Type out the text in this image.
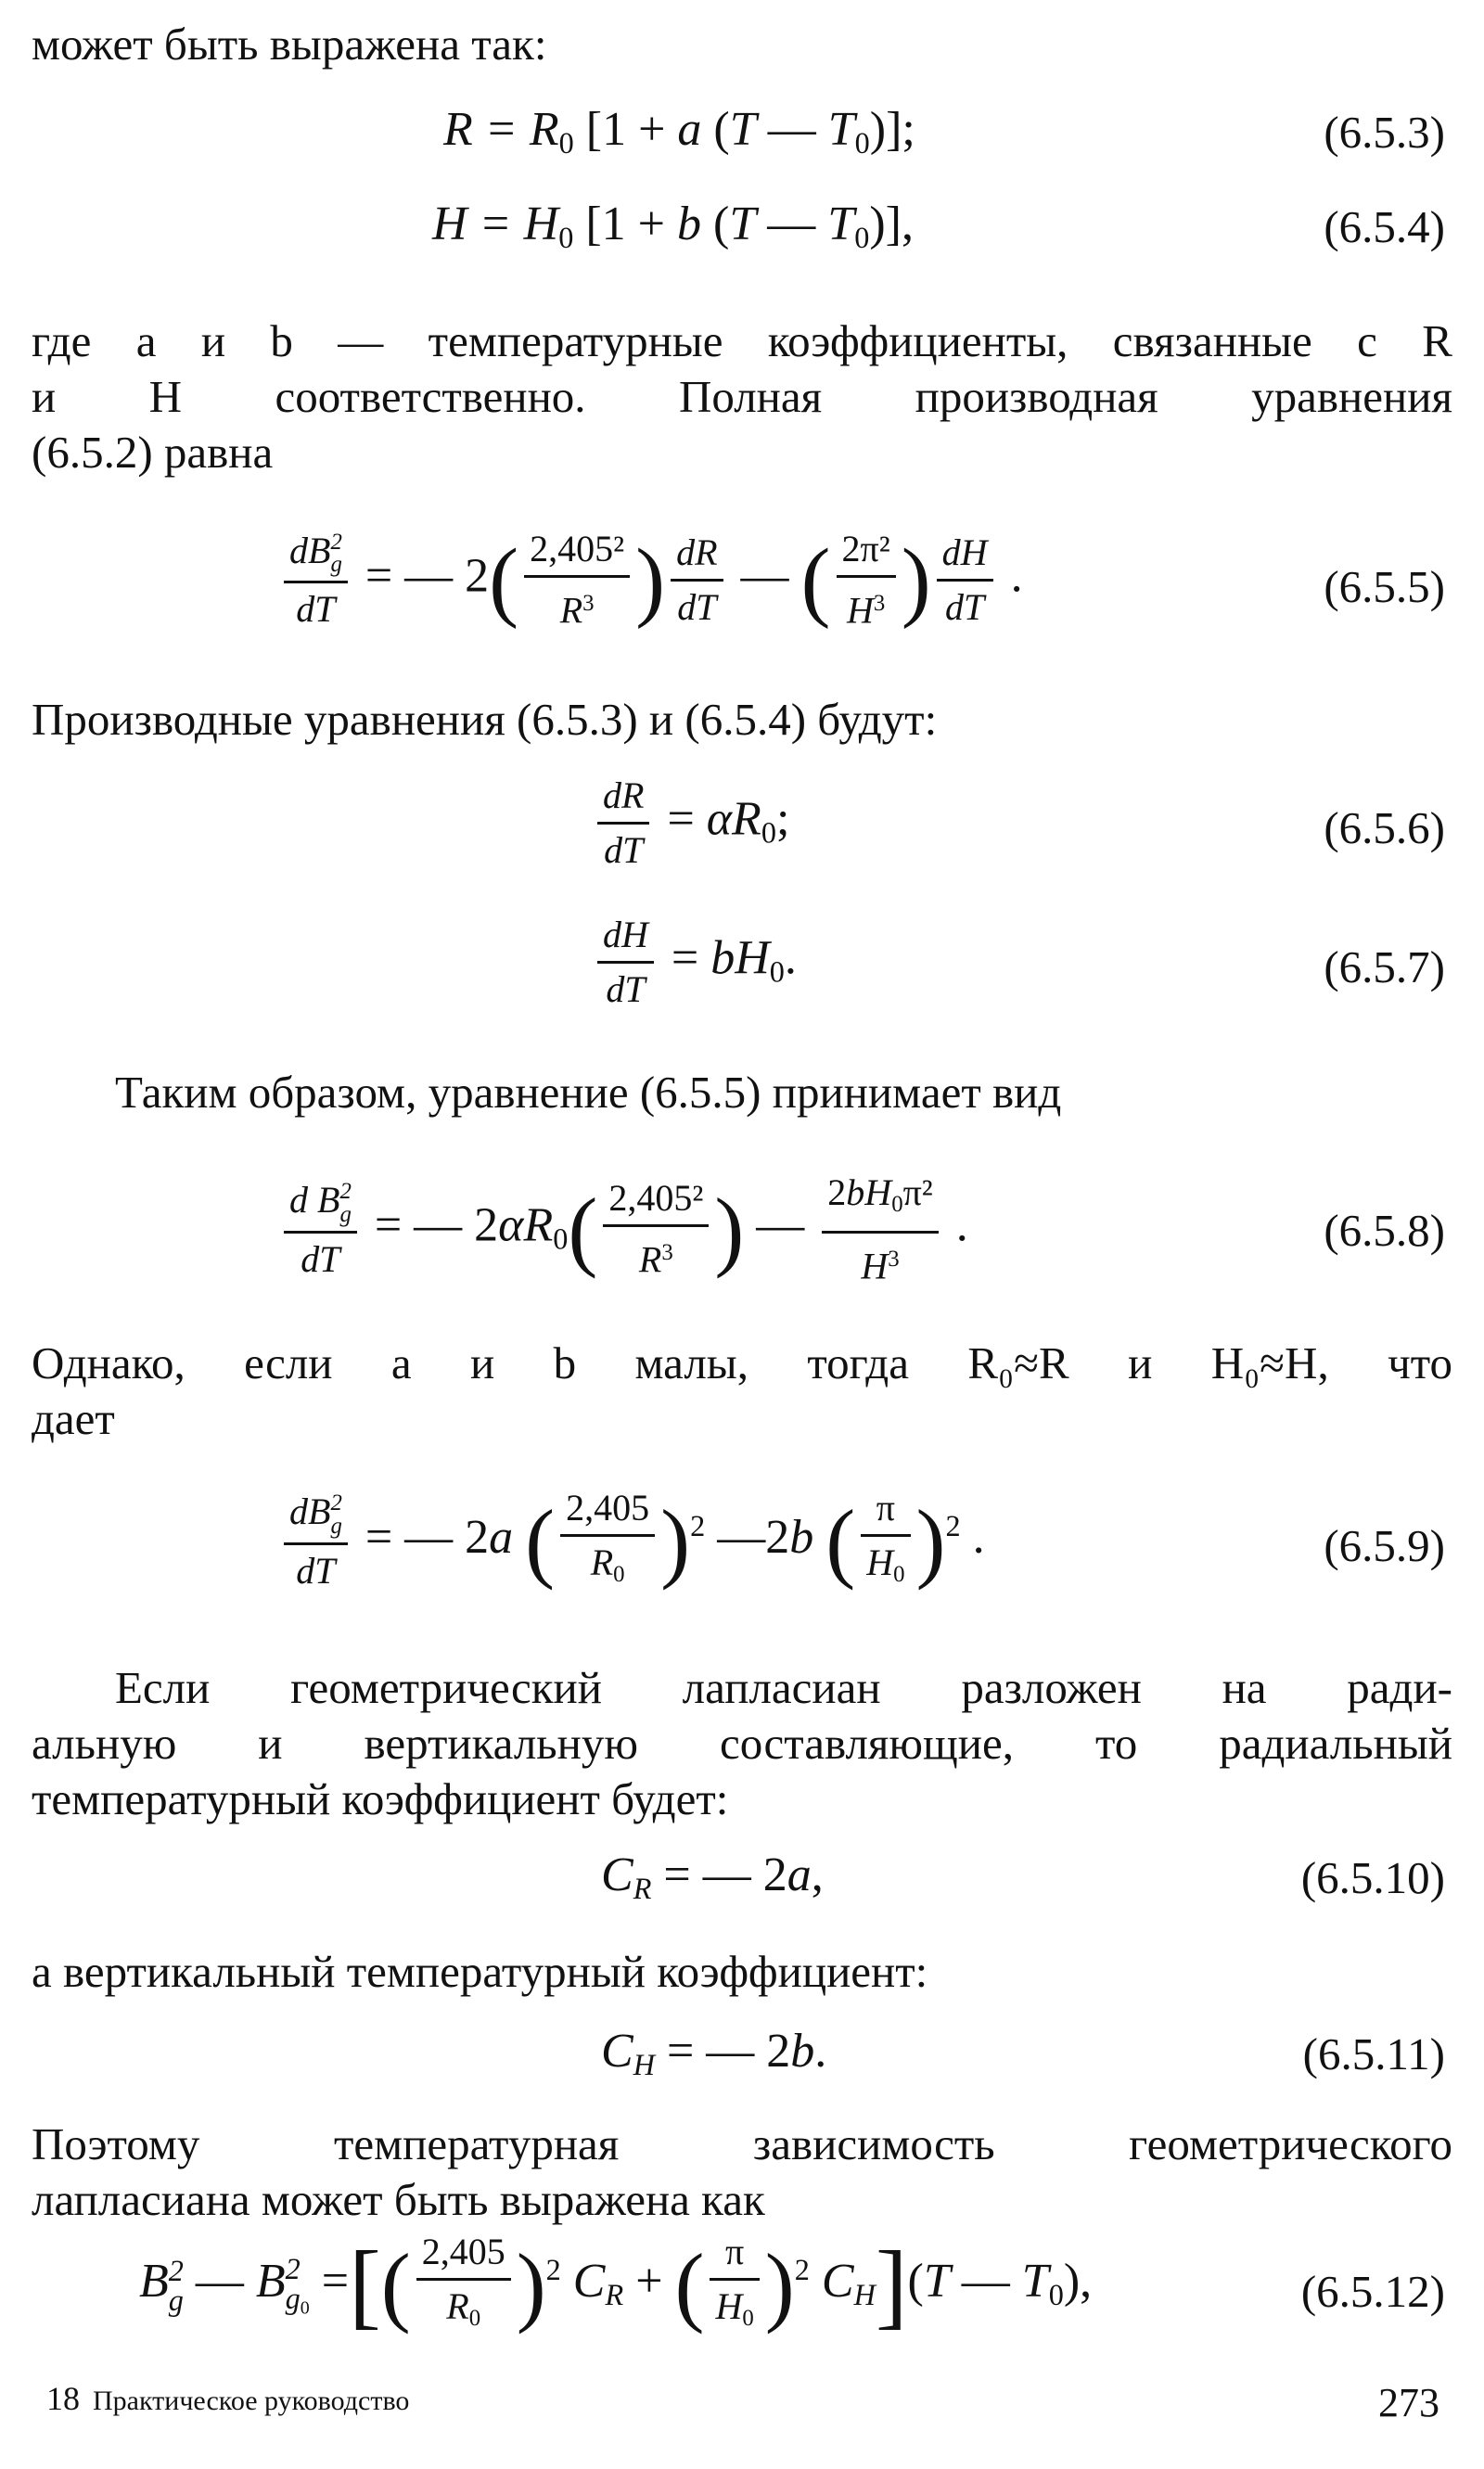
может быть выражена так:
$R = R_0$ [1 + a (T — $T_0$)];	(6.5.3)
$H = H_0$ [1 + b (T — $T_0$)],	(6.5.4)
где a и b — температурные коэффициенты, связанные с R
и H соответственно. Полная производная уравнения
(6.5.2) равна
dB 2
g
dT = — $2( \frac{\text{2,405²}}{R^3}$ ) $\frac{dR}{dT}$ — ( $\frac{\text{2π²}}{H^3}$ ) $\frac{dH}{dT}$ .	(6.5.5)
Производные уравнения (6.5.3) и (6.5.4) будут:
$\frac{dR}{dT} = \alpha R_0$;	(6.5.6)
$\frac{dH}{dT} = bH_0$.	(6.5.7)
Таким образом, уравнение (6.5.5) принимает вид
d B 2
g
dT = — $2\alpha R_0( \frac{\text{2,405²}}{R^3}$ ) — $\frac{2bH_0\pi^2}{H^3}$ .	(6.5.8)
Однако, если a и b малы, тогда R₀≈R и H₀≈H, что
дает
dB 2
g
dT = — 2a ( $\frac{2,405}{R_0} )^2$ —2b ( $\frac{\pi}{H_0} )^2$ .	(6.5.9)
Если геометрический лапласиан разложен на ради-
альную и вертикальную составляющие, то радиальный
температурный коэффициент будет:
$C_R$ = — 2a,	(6.5.10)
а вертикальный температурный коэффициент:
$C_H$ = — 2b.	(6.5.11)
Поэтому температурная зависимость геометрического
лапласиана может быть выражена как
B 2
g — B 2
$g_0$
=[( $\frac{2,405}{R_0} )^2$ $C_R$ + ( $\frac{\pi}{H_0} )^2$ $C_H](T$ — $T_0$),	(6.5.12)
18 Практическое руководство	273
